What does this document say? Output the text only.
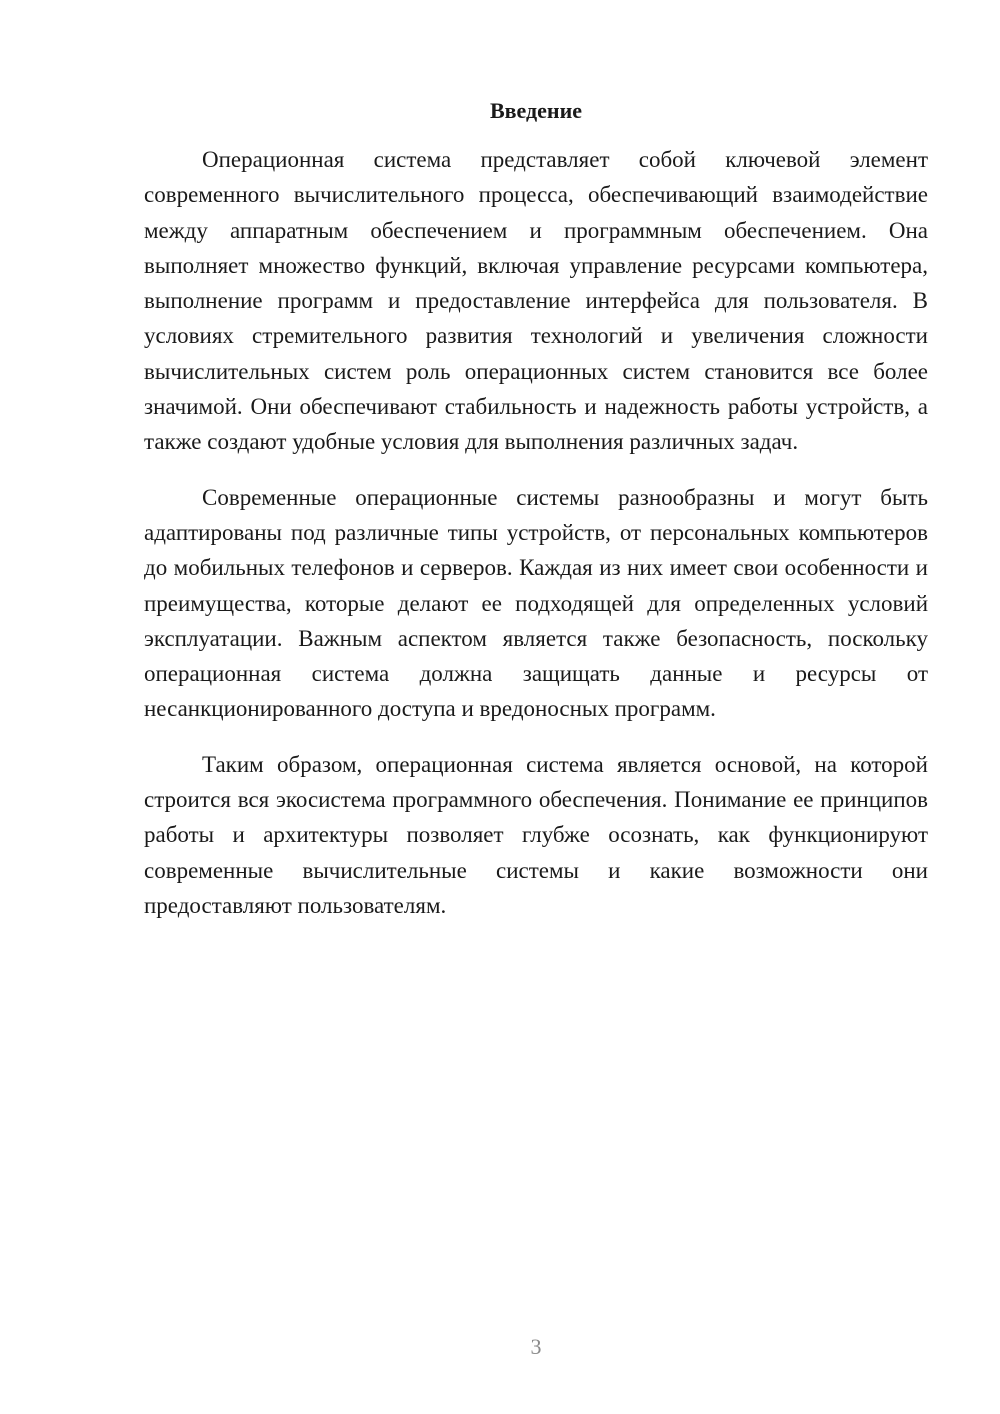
Введение

Операционная система представляет собой ключевой элемент современного вычислительного процесса, обеспечивающий взаимодействие между аппаратным обеспечением и программным обеспечением. Она выполняет множество функций, включая управление ресурсами компьютера, выполнение программ и предоставление интерфейса для пользователя. В условиях стремительного развития технологий и увеличения сложности вычислительных систем роль операционных систем становится все более значимой. Они обеспечивают стабильность и надежность работы устройств, а также создают удобные условия для выполнения различных задач.

Современные операционные системы разнообразны и могут быть адаптированы под различные типы устройств, от персональных компьютеров до мобильных телефонов и серверов. Каждая из них имеет свои особенности и преимущества, которые делают ее подходящей для определенных условий эксплуатации. Важным аспектом является также безопасность, поскольку операционная система должна защищать данные и ресурсы от несанкционированного доступа и вредоносных программ.

Таким образом, операционная система является основой, на которой строится вся экосистема программного обеспечения. Понимание ее принципов работы и архитектуры позволяет глубже осознать, как функционируют современные вычислительные системы и какие возможности они предоставляют пользователям.

3
